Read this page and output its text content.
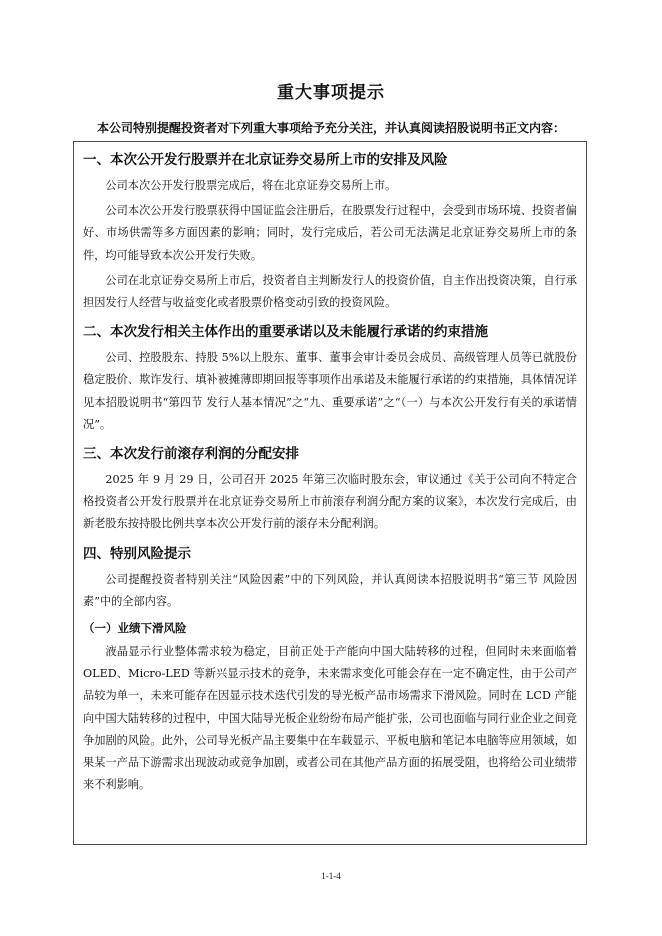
重大事项提示

本公司特别提醒投资者对下列重大事项给予充分关注，并认真阅读招股说明书正文内容：

一、本次公开发行股票并在北京证券交易所上市的安排及风险

公司本次公开发行股票完成后，将在北京证券交易所上市。

公司本次公开发行股票获得中国证监会注册后，在股票发行过程中，会受到市场环境、投资者偏好、市场供需等多方面因素的影响；同时，发行完成后，若公司无法满足北京证券交易所上市的条件，均可能导致本次公开发行失败。

公司在北京证券交易所上市后，投资者自主判断发行人的投资价值，自主作出投资决策，自行承担因发行人经营与收益变化或者股票价格变动引致的投资风险。

二、本次发行相关主体作出的重要承诺以及未能履行承诺的约束措施

公司、控股股东、持股 5%以上股东、董事、董事会审计委员会成员、高级管理人员等已就股份稳定股价、欺诈发行、填补被摊薄即期回报等事项作出承诺及未能履行承诺的约束措施，具体情况详见本招股说明书“第四节 发行人基本情况”之“九、重要承诺”之“（一）与本次公开发行有关的承诺情况”。

三、本次发行前滚存利润的分配安排

2025 年 9 月 29 日，公司召开 2025 年第三次临时股东会，审议通过《关于公司向不特定合格投资者公开发行股票并在北京证券交易所上市前滚存利润分配方案的议案》，本次发行完成后，由新老股东按持股比例共享本次公开发行前的滚存未分配利润。

四、特别风险提示

公司提醒投资者特别关注“风险因素”中的下列风险，并认真阅读本招股说明书“第三节 风险因素”中的全部内容。

（一）业绩下滑风险

液晶显示行业整体需求较为稳定，目前正处于产能向中国大陆转移的过程，但同时未来面临着 OLED、Micro-LED 等新兴显示技术的竞争，未来需求变化可能会存在一定不确定性，由于公司产品较为单一，未来可能存在因显示技术迭代引发的导光板产品市场需求下滑风险。同时在 LCD 产能向中国大陆转移的过程中，中国大陆导光板企业纷纷布局产能扩张，公司也面临与同行业企业之间竞争加剧的风险。此外，公司导光板产品主要集中在车载显示、平板电脑和笔记本电脑等应用领域，如果某一产品下游需求出现波动或竞争加剧，或者公司在其他产品方面的拓展受阻，也将给公司业绩带来不利影响。

1-1-4
